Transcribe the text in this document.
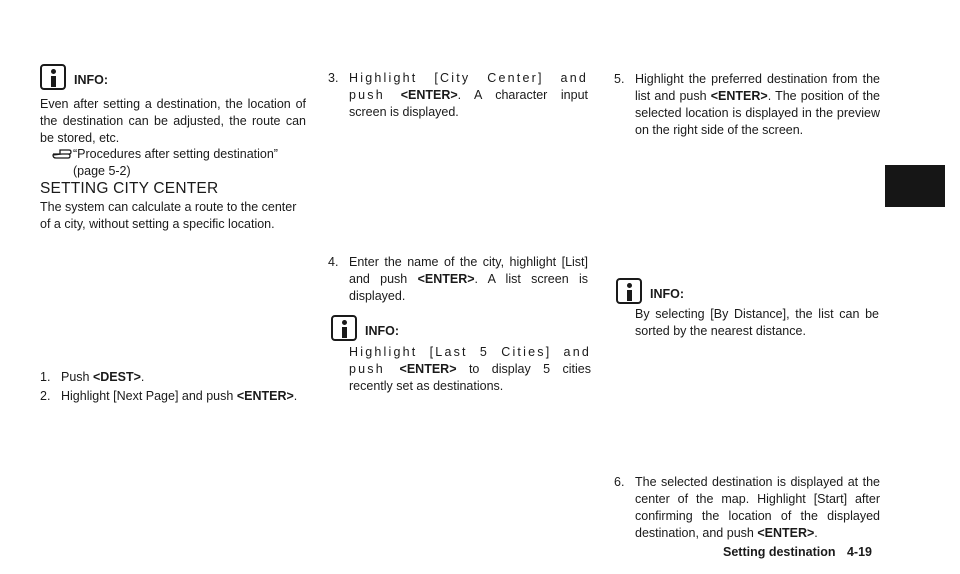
INFO:
Even after setting a destination, the location of the destination can be adjusted, the route can be stored, etc.
“Procedures after setting destination”
(page 5-2)
SETTING CITY CENTER
The system can calculate a route to the center of a city, without setting a specific location.
1. Push <DEST>.
2. Highlight [Next Page] and push <ENTER>.
3. Highlight [City Center] and push <ENTER>. A character input screen is displayed.
4. Enter the name of the city, highlight [List] and push <ENTER>. A list screen is displayed.
INFO:
Highlight [Last 5 Cities] and push <ENTER> to display 5 cities recently set as destinations.
5. Highlight the preferred destination from the list and push <ENTER>. The position of the selected location is displayed in the preview on the right side of the screen.
INFO:
By selecting [By Distance], the list can be sorted by the nearest distance.
6. The selected destination is displayed at the center of the map. Highlight [Start] after confirming the location of the displayed destination, and push <ENTER>.
Setting destination 4-19
